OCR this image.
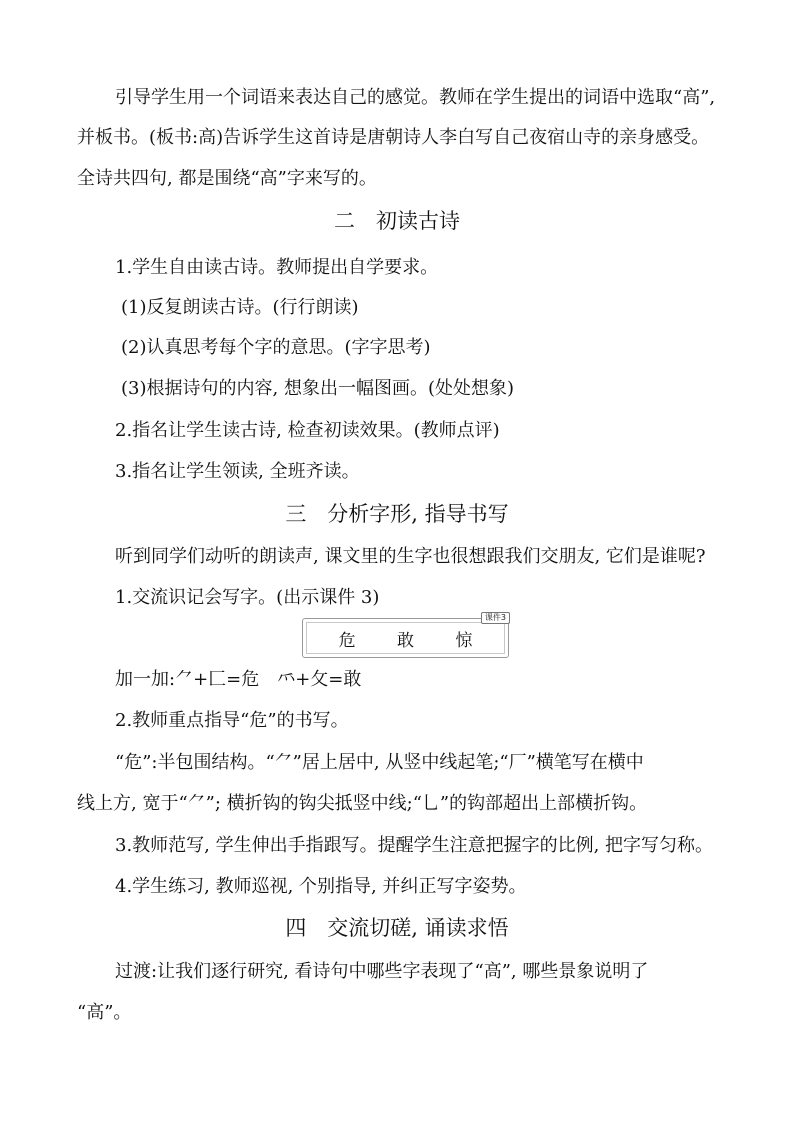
引导学生用一个词语来表达自己的感觉。教师在学生提出的词语中选取“高”,
并板书。(板书:高)告诉学生这首诗是唐朝诗人李白写自己夜宿山寺的亲身感受。
全诗共四句, 都是围绕“高”字来写的。
二　初读古诗
1.学生自由读古诗。教师提出自学要求。
(1)反复朗读古诗。(行行朗读)
(2)认真思考每个字的意思。(字字思考)
(3)根据诗句的内容, 想象出一幅图画。(处处想象)
2.指名让学生读古诗, 检查初读效果。(教师点评)
3.指名让学生领读, 全班齐读。
三　分析字形, 指导书写
听到同学们动听的朗读声, 课文里的生字也很想跟我们交朋友, 它们是谁呢?
1.交流识记会写字。(出示课件 3)
课件3
危 敢 惊
加一加:⺈+⼕=危　⺤+攵=敢
2.教师重点指导“危”的书写。
“危”:半包围结构。“⺈”居上居中, 从竖中线起笔;“厂”横笔写在横中
线上方, 宽于“⺈”; 横折钩的钩尖抵竖中线;“⺃”的钩部超出上部横折钩。
3.教师范写, 学生伸出手指跟写。提醒学生注意把握字的比例, 把字写匀称。
4.学生练习, 教师巡视, 个别指导, 并纠正写字姿势。
四　交流切磋, 诵读求悟
过渡:让我们逐行研究, 看诗句中哪些字表现了“高”, 哪些景象说明了
“高”。
